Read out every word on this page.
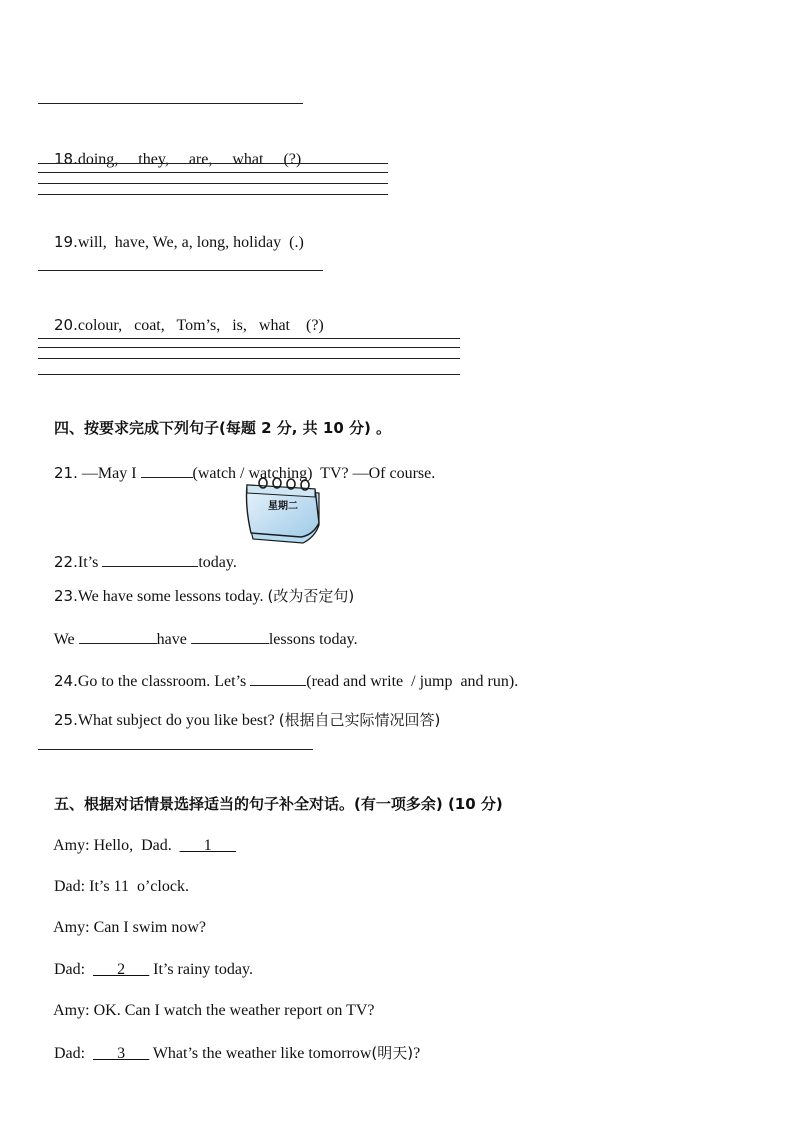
18.doing,     they,     are,     what     (?)

19.will,  have, We, a, long, holiday  (.)

20.colour,   coat,   Tom’s,   is,   what    (?)

四、按要求完成下列句子(每题 2 分, 共 10 分) 。

21. —May I	(watch / watching)  TV? —Of course.

星期二

22.It’s	today.

23.We have some lessons today. (改为否定句)

We	have	lessons today.

24.Go to the classroom. Let’s	(read and write  / jump  and run).

25.What subject do you like best? (根据自己实际情况回答)

五、根据对话情景选择适当的句子补全对话。(有一项多余) (10 分)

Amy: Hello,  Dad.  ___1___

Dad: It’s 11  o’clock.

Amy: Can I swim now?

Dad:  ___2___ It’s rainy today.

Amy: OK. Can I watch the weather report on TV?

Dad:  ___3___ What’s the weather like tomorrow(明天)?
